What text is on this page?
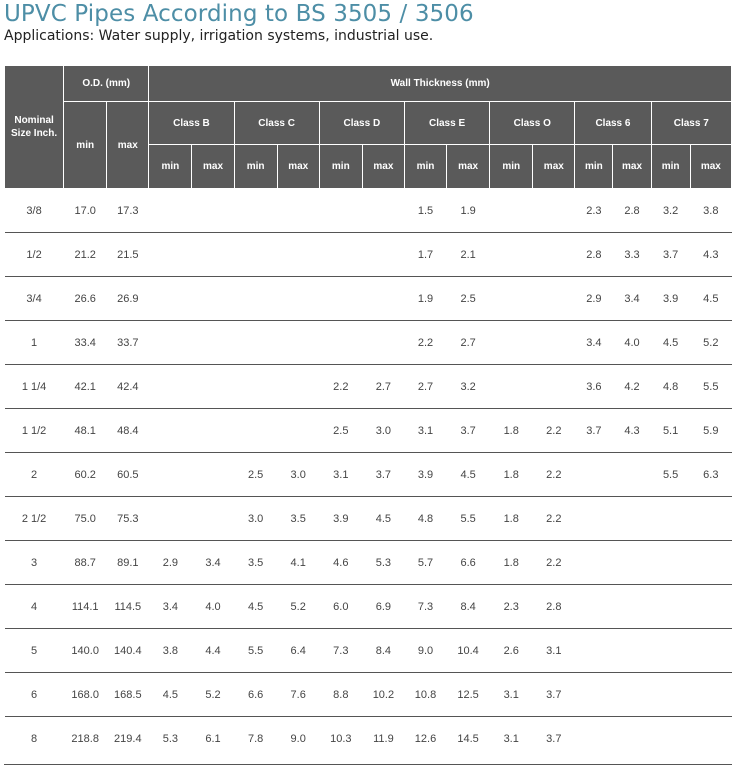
UPVC Pipes According to BS 3505 / 3506
Applications: Water supply, irrigation systems, industrial use.
Nominal Size Inch.	O.D. (mm)		Wall Thickness (mm)													
	min	max	Class B		Class C		Class D		Class E		Class O		Class 6		Class 7	
			min	max	min	max	min	max	min	max	min	max	min	max	min	max
3/8	17.0	17.3							1.5	1.9			2.3	2.8	3.2	3.8
1/2	21.2	21.5							1.7	2.1			2.8	3.3	3.7	4.3
3/4	26.6	26.9							1.9	2.5			2.9	3.4	3.9	4.5
1	33.4	33.7							2.2	2.7			3.4	4.0	4.5	5.2
1 1/4	42.1	42.4					2.2	2.7	2.7	3.2			3.6	4.2	4.8	5.5
1 1/2	48.1	48.4					2.5	3.0	3.1	3.7	1.8	2.2	3.7	4.3	5.1	5.9
2	60.2	60.5			2.5	3.0	3.1	3.7	3.9	4.5	1.8	2.2			5.5	6.3
2 1/2	75.0	75.3			3.0	3.5	3.9	4.5	4.8	5.5	1.8	2.2				
3	88.7	89.1	2.9	3.4	3.5	4.1	4.6	5.3	5.7	6.6	1.8	2.2				
4	114.1	114.5	3.4	4.0	4.5	5.2	6.0	6.9	7.3	8.4	2.3	2.8				
5	140.0	140.4	3.8	4.4	5.5	6.4	7.3	8.4	9.0	10.4	2.6	3.1				
6	168.0	168.5	4.5	5.2	6.6	7.6	8.8	10.2	10.8	12.5	3.1	3.7				
8	218.8	219.4	5.3	6.1	7.8	9.0	10.3	11.9	12.6	14.5	3.1	3.7				
